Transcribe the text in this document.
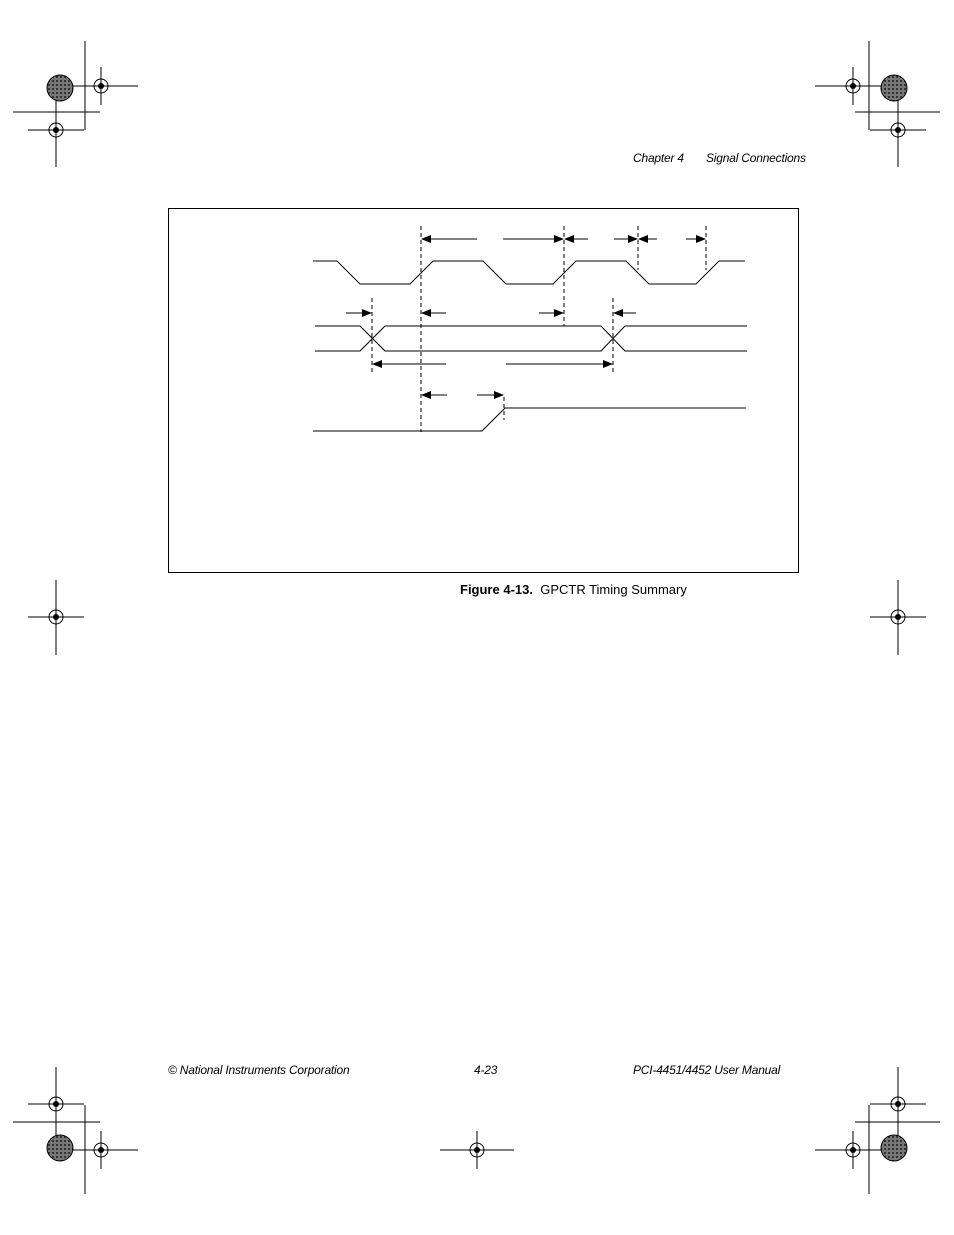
Chapter 4 Signal Connections
Figure 4-13. GPCTR Timing Summary
© National Instruments Corporation	4-23	PCI-4451/4452 User Manual
